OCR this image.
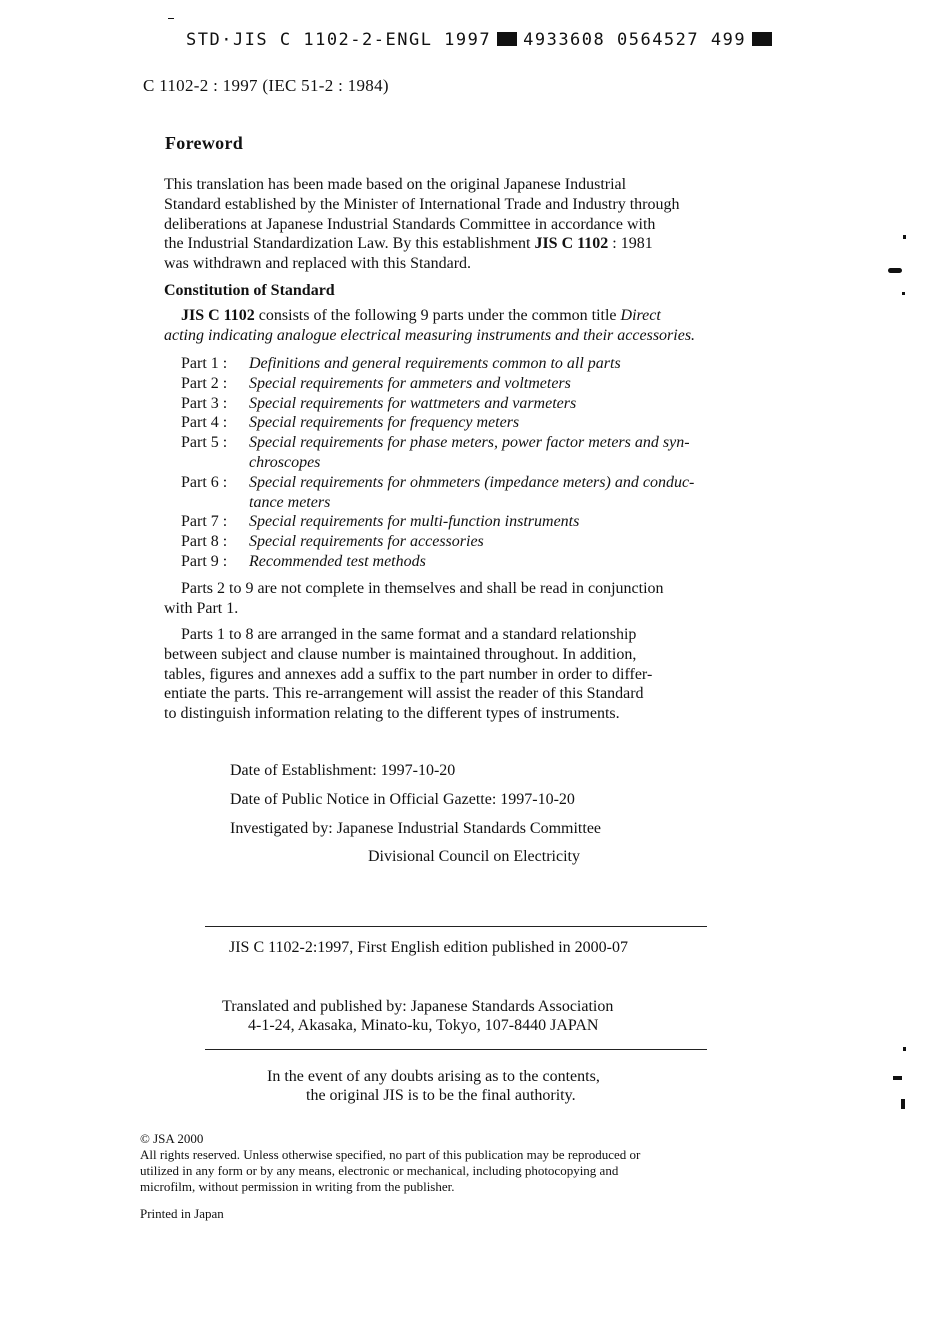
STD·JIS C 1102-2-ENGL 1997 4933608 0564527 499
C 1102-2 : 1997 (IEC 51-2 : 1984)
Foreword
This translation has been made based on the original Japanese Industrial
Standard established by the Minister of International Trade and Industry through
deliberations at Japanese Industrial Standards Committee in accordance with
the Industrial Standardization Law. By this establishment JIS C 1102 : 1981
was withdrawn and replaced with this Standard.
Constitution of Standard
JIS C 1102 consists of the following 9 parts under the common title Direct
acting indicating analogue electrical measuring instruments and their accessories.
Part 1 :	Definitions and general requirements common to all parts
Part 2 :	Special requirements for ammeters and voltmeters
Part 3 :	Special requirements for wattmeters and varmeters
Part 4 :	Special requirements for frequency meters
Part 5 :	Special requirements for phase meters, power factor meters and syn-
chroscopes
Part 6 :	Special requirements for ohmmeters (impedance meters) and conduc-
tance meters
Part 7 :	Special requirements for multi-function instruments
Part 8 :	Special requirements for accessories
Part 9 :	Recommended test methods
Parts 2 to 9 are not complete in themselves and shall be read in conjunction
with Part 1.
Parts 1 to 8 are arranged in the same format and a standard relationship
between subject and clause number is maintained throughout. In addition,
tables, figures and annexes add a suffix to the part number in order to differ-
entiate the parts. This re-arrangement will assist the reader of this Standard
to distinguish information relating to the different types of instruments.
Date of Establishment: 1997-10-20
Date of Public Notice in Official Gazette: 1997-10-20
Investigated by: Japanese Industrial Standards Committee
Divisional Council on Electricity
JIS C 1102-2:1997, First English edition published in 2000-07
Translated and published by: Japanese Standards Association
4-1-24, Akasaka, Minato-ku, Tokyo, 107-8440 JAPAN
In the event of any doubts arising as to the contents,
the original JIS is to be the final authority.
© JSA 2000
All rights reserved. Unless otherwise specified, no part of this publication may be reproduced or
utilized in any form or by any means, electronic or mechanical, including photocopying and
microfilm, without permission in writing from the publisher.
Printed in Japan
